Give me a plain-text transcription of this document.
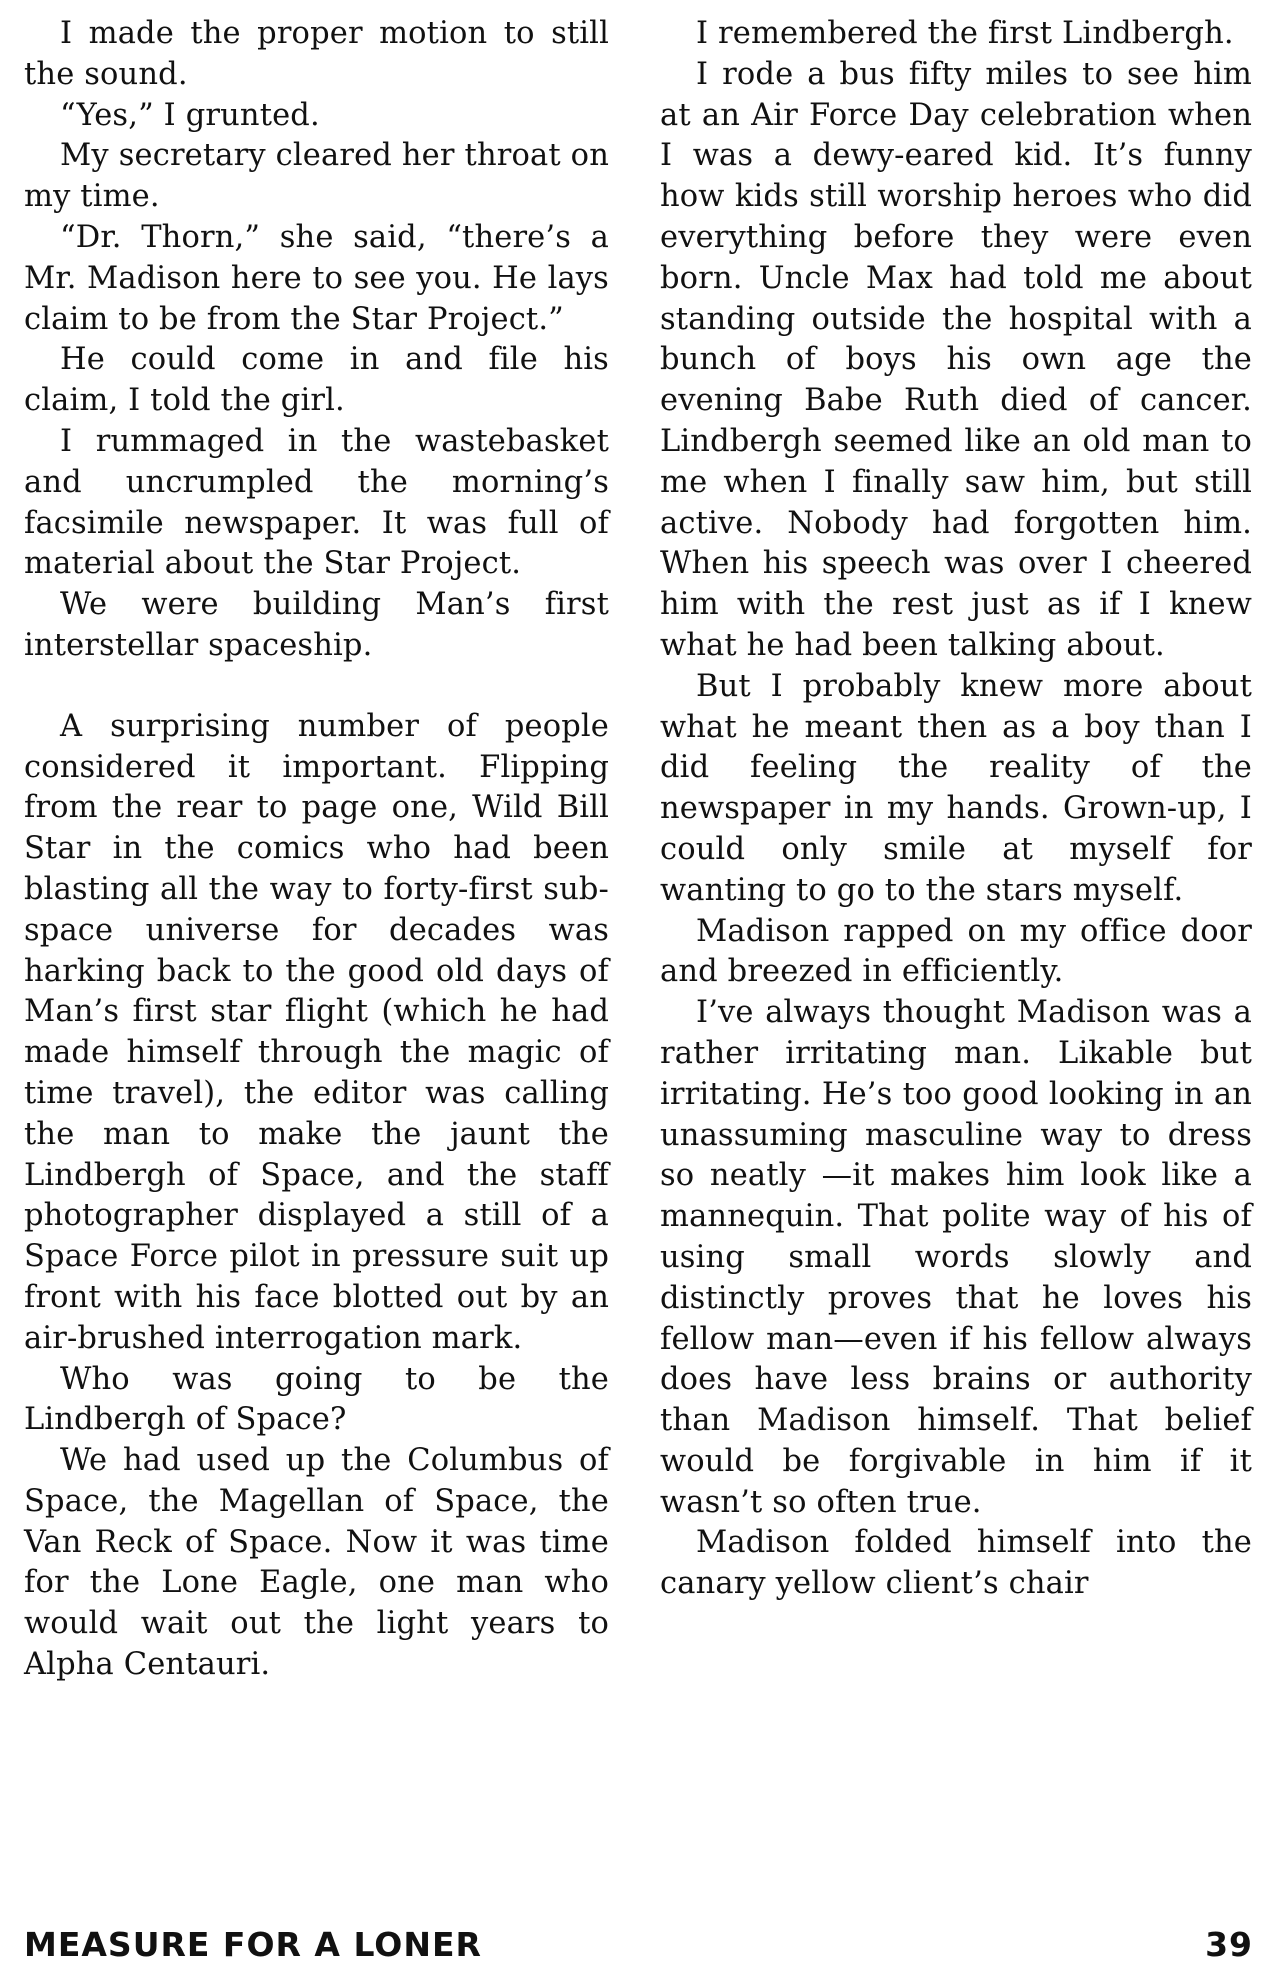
I made the proper motion to still the sound.

“Yes,” I grunted.

My secretary cleared her throat on my time.

“Dr. Thorn,” she said, “there’s a Mr. Madison here to see you. He lays claim to be from the Star Project.”

He could come in and file his claim, I told the girl.

I rummaged in the wastebasket and uncrumpled the morning’s facsimile newspaper. It was full of material about the Star Project.

We were building Man’s first interstellar spaceship.

A surprising number of people considered it important. Flipping from the rear to page one, Wild Bill Star in the comics who had been blasting all the way to forty-first sub-space universe for decades was harking back to the good old days of Man’s first star flight (which he had made himself through the magic of time travel), the editor was calling the man to make the jaunt the Lindbergh of Space, and the staff photographer displayed a still of a Space Force pilot in pressure suit up front with his face blotted out by an air-brushed interrogation mark.

Who was going to be the Lindbergh of Space?

We had used up the Columbus of Space, the Magellan of Space, the Van Reck of Space. Now it was time for the Lone Eagle, one man who would wait out the light years to Alpha Centauri.

I remembered the first Lindbergh.

I rode a bus fifty miles to see him at an Air Force Day celebration when I was a dewy-eared kid. It’s funny how kids still worship heroes who did everything before they were even born. Uncle Max had told me about standing outside the hospital with a bunch of boys his own age the evening Babe Ruth died of cancer. Lindbergh seemed like an old man to me when I finally saw him, but still active. Nobody had forgotten him. When his speech was over I cheered him with the rest just as if I knew what he had been talking about.

But I probably knew more about what he meant then as a boy than I did feeling the reality of the newspaper in my hands. Grown-up, I could only smile at myself for wanting to go to the stars myself.

Madison rapped on my office door and breezed in efficiently.

I’ve always thought Madison was a rather irritating man. Likable but irritating. He’s too good looking in an unassuming masculine way to dress so neatly —it makes him look like a mannequin. That polite way of his of using small words slowly and distinctly proves that he loves his fellow man—even if his fellow always does have less brains or authority than Madison himself. That belief would be forgivable in him if it wasn’t so often true.

Madison folded himself into the canary yellow client’s chair

MEASURE FOR A LONER	39
